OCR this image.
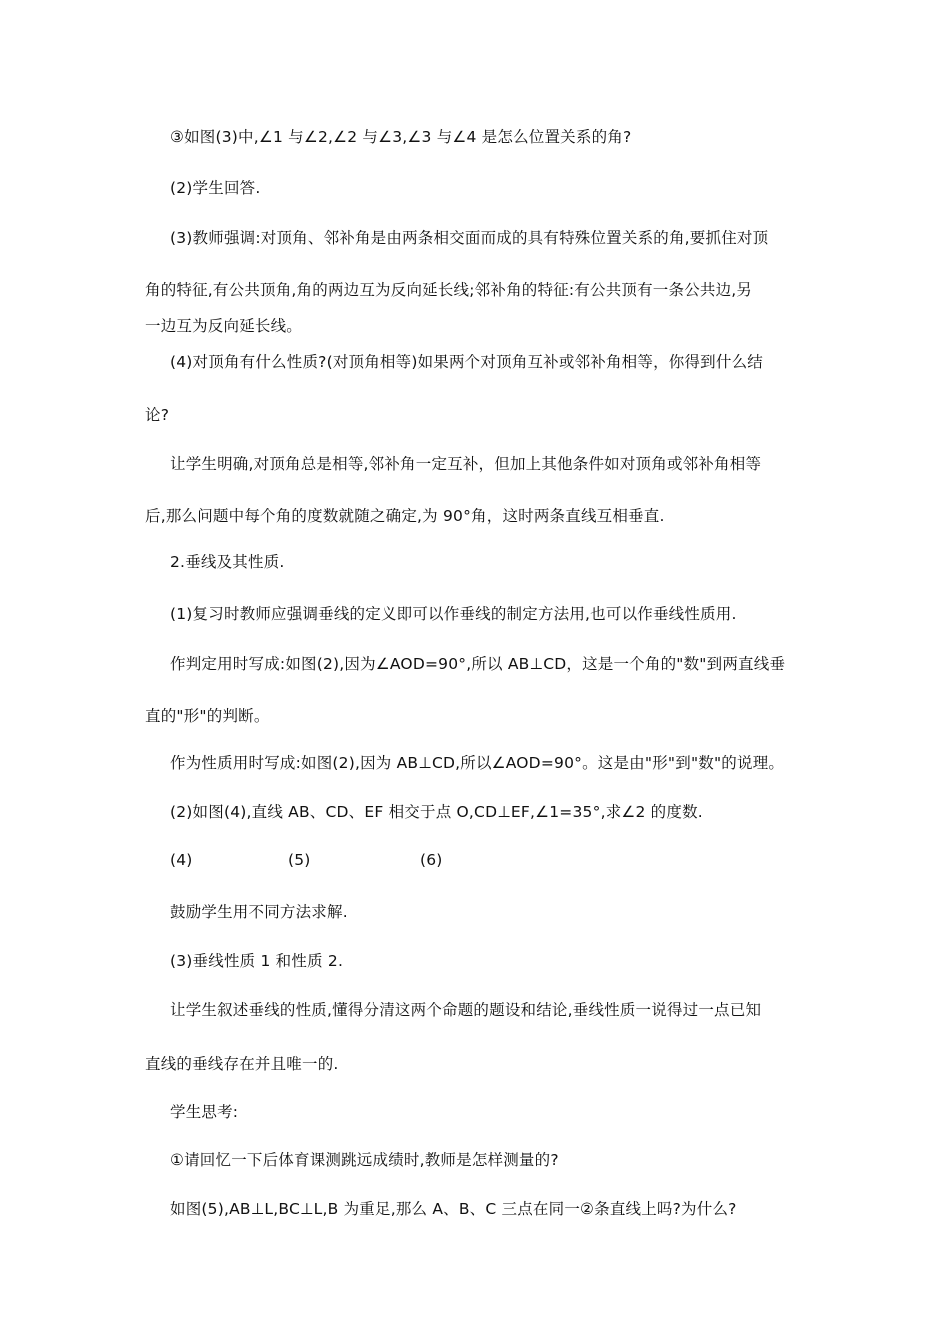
③如图(3)中,∠1 与∠2,∠2 与∠3,∠3 与∠4 是怎么位置关系的角?
(2)学生回答.
(3)教师强调:对顶角、邻补角是由两条相交面而成的具有特殊位置关系的角,要抓住对顶
角的特征,有公共顶角,角的两边互为反向延长线;邻补角的特征:有公共顶有一条公共边,另
一边互为反向延长线。
(4)对顶角有什么性质?(对顶角相等)如果两个对顶角互补或邻补角相等，你得到什么结
论?
让学生明确,对顶角总是相等,邻补角一定互补，但加上其他条件如对顶角或邻补角相等
后,那么问题中每个角的度数就随之确定,为 90°角，这时两条直线互相垂直.
2.垂线及其性质.
(1)复习时教师应强调垂线的定义即可以作垂线的制定方法用,也可以作垂线性质用.
作判定用时写成:如图(2),因为∠AOD=90°,所以 AB⊥CD，这是一个角的"数"到两直线垂
直的"形"的判断。
作为性质用时写成:如图(2),因为 AB⊥CD,所以∠AOD=90°。这是由"形"到"数"的说理。
(2)如图(4),直线 AB、CD、EF 相交于点 O,CD⊥EF,∠1=35°,求∠2 的度数.
(4)	(5)	(6)
鼓励学生用不同方法求解.
(3)垂线性质 1 和性质 2.
让学生叙述垂线的性质,懂得分清这两个命题的题设和结论,垂线性质一说得过一点已知
直线的垂线存在并且唯一的.
学生思考:
①请回忆一下后体育课测跳远成绩时,教师是怎样测量的?
如图(5),AB⊥L,BC⊥L,B 为重足,那么 A、B、C 三点在同一②条直线上吗?为什么?
